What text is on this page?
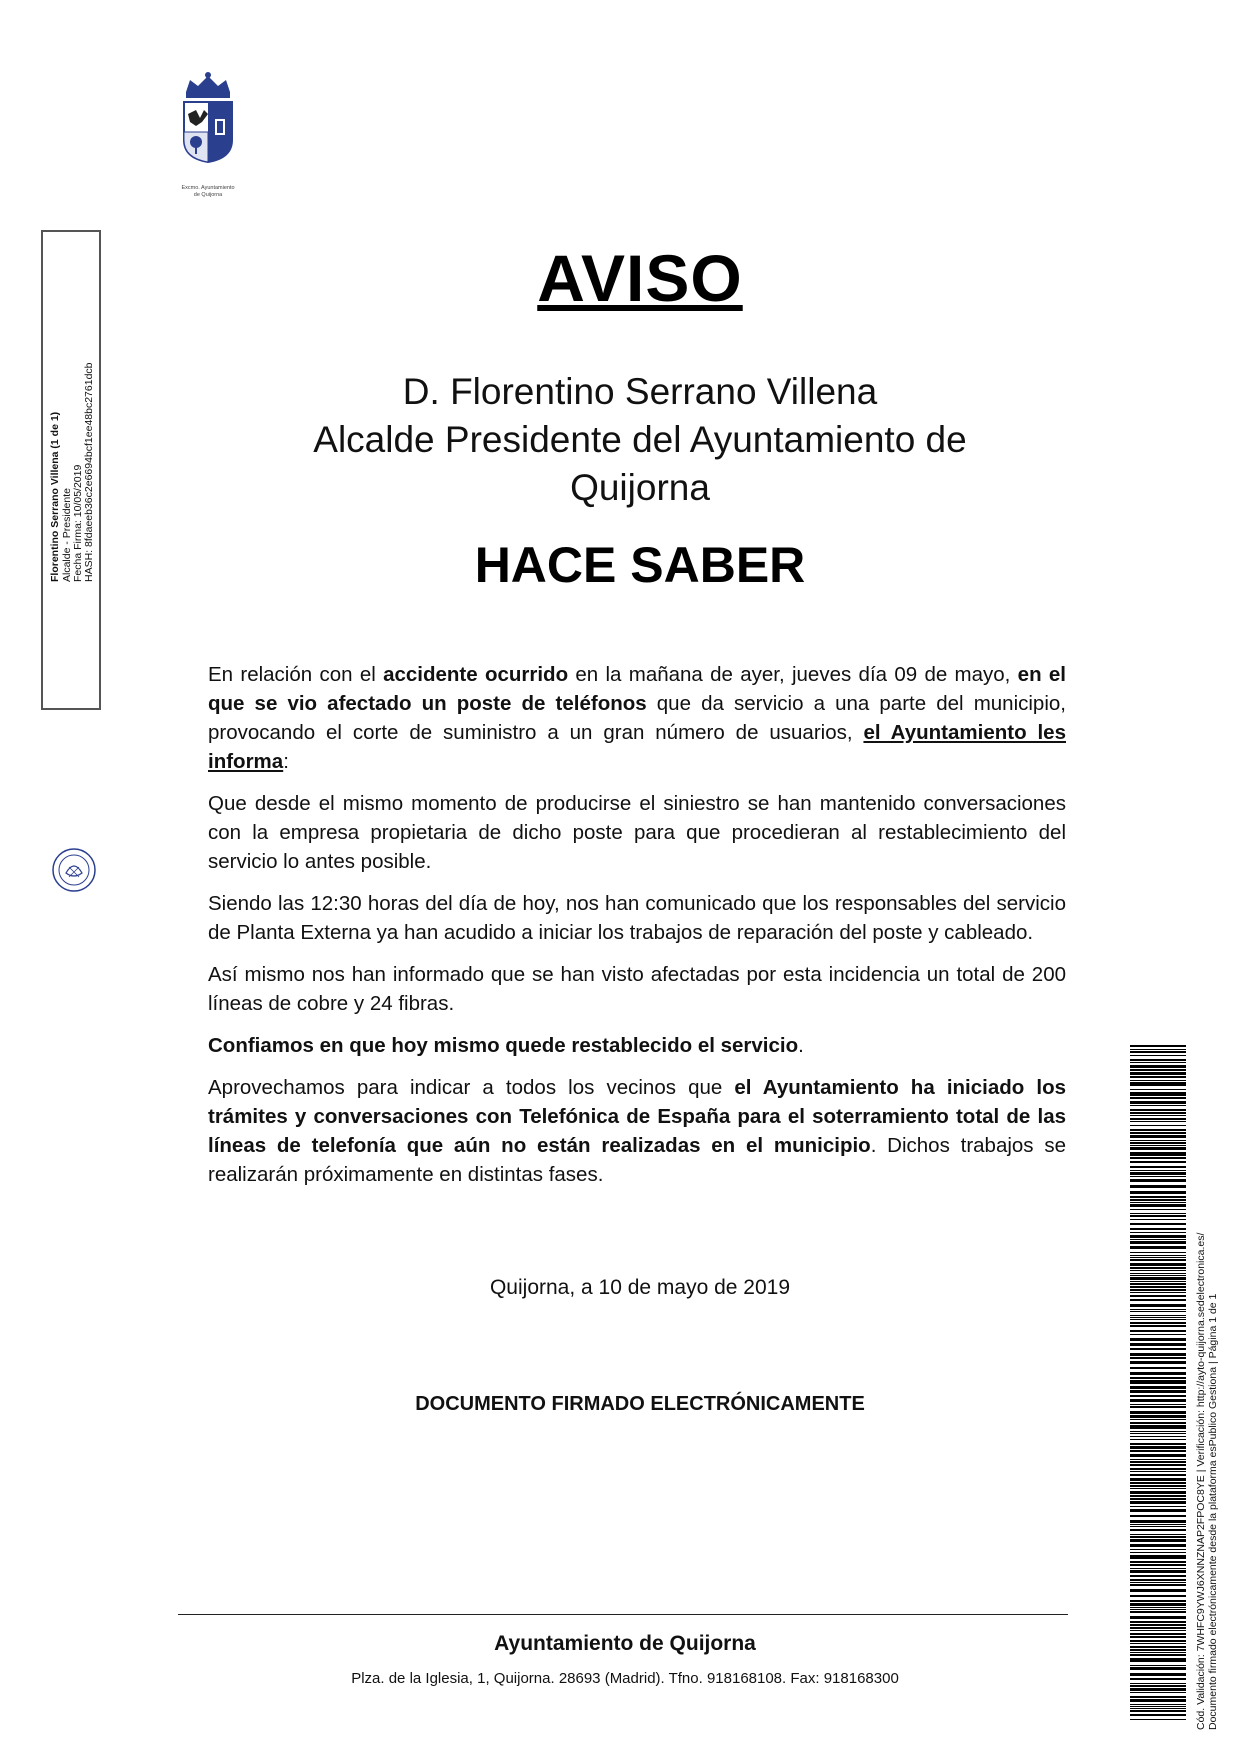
Excmo. Ayuntamiento
de Quijorna
Florentino Serrano Villena (1 de 1) Alcalde - Presidente Fecha Firma: 10/05/2019 HASH: 8fdaeeb36c2e6694bcf1ee48bc2761dcb
AVISO
D. Florentino Serrano Villena
Alcalde Presidente del Ayuntamiento de Quijorna
HACE SABER

En relación con el accidente ocurrido en la mañana de ayer, jueves día 09 de mayo, en el que se vio afectado un poste de teléfonos que da servicio a una parte del municipio, provocando el corte de suministro a un gran número de usuarios, el Ayuntamiento les informa:

Que desde el mismo momento de producirse el siniestro se han mantenido conversaciones con la empresa propietaria de dicho poste para que procedieran al restablecimiento del servicio lo antes posible.

Siendo las 12:30 horas del día de hoy, nos han comunicado que los responsables del servicio de Planta Externa ya han acudido a iniciar los trabajos de reparación del poste y cableado.

Así mismo nos han informado que se han visto afectadas por esta incidencia un total de 200 líneas de cobre y 24 fibras.

Confiamos en que hoy mismo quede restablecido el servicio.

Aprovechamos para indicar a todos los vecinos que el Ayuntamiento ha iniciado los trámites y conversaciones con Telefónica de España para el soterramiento total de las líneas de telefonía que aún no están realizadas en el municipio. Dichos trabajos se realizarán próximamente en distintas fases.

Quijorna, a 10 de mayo de 2019
DOCUMENTO FIRMADO ELECTRÓNICAMENTE
Ayuntamiento de Quijorna
Plza. de la Iglesia, 1, Quijorna. 28693 (Madrid). Tfno. 918168108. Fax: 918168300	Cód. Validación: 7WHFC9YWJ6XNNZNAP2FPOC8YE | Verificación: http://ayto-quijorna.sedelectronica.es/ Documento firmado electrónicamente desde la plataforma esPublico Gestiona | Página 1 de 1
